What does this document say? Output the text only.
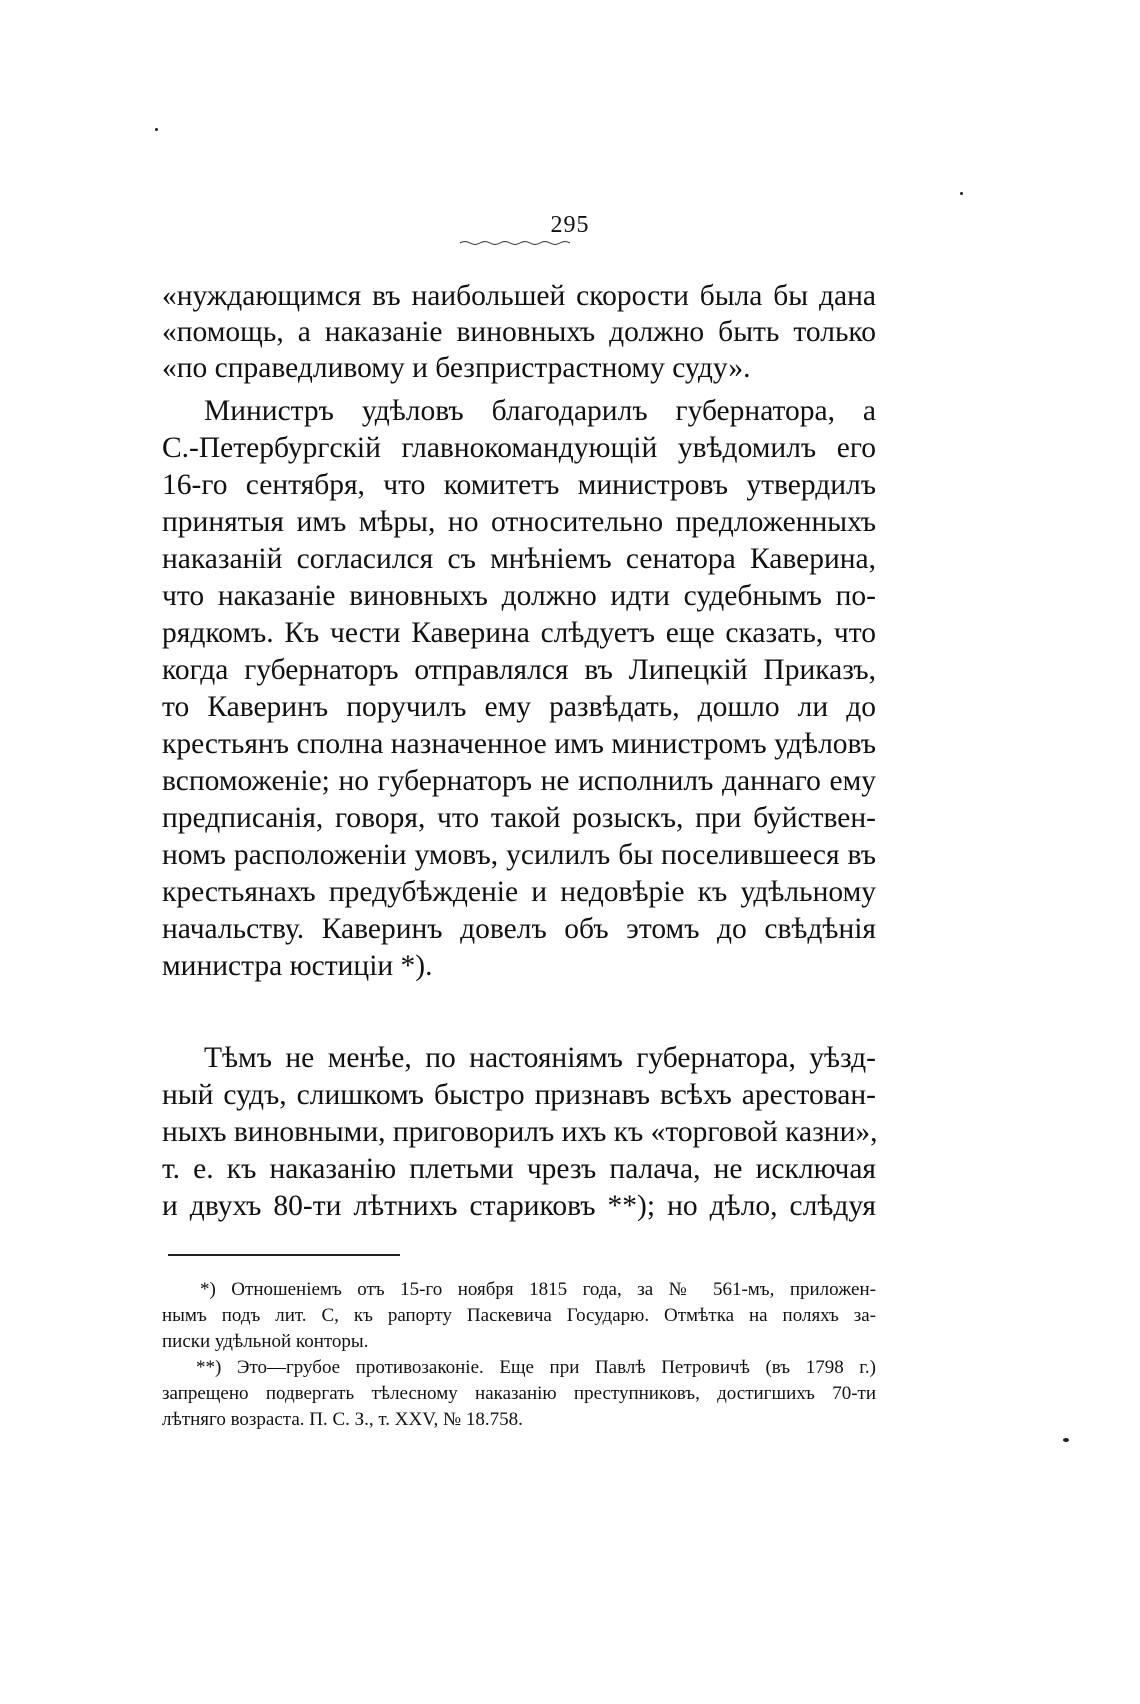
295
«нуждающимся въ наибольшей скорости была бы дана
«помощь, а наказаніе виновныхъ должно быть только
«по справедливому и безпристрастному суду».
Министръ удѣловъ благодарилъ губернатора, а
С.-Петербургскій главнокомандующій увѣдомилъ его
16-го сентября, что комитетъ министровъ утвердилъ
принятыя имъ мѣры, но относительно предложенныхъ
наказаній согласился съ мнѣніемъ сенатора Каверина,
что наказаніе виновныхъ должно идти судебнымъ по-
рядкомъ. Къ чести Каверина слѣдуетъ еще сказать, что
когда губернаторъ отправлялся въ Липецкій Приказъ,
то Каверинъ поручилъ ему развѣдать, дошло ли до
крестьянъ сполна назначенное имъ министромъ удѣловъ
вспоможеніе; но губернаторъ не исполнилъ даннаго ему
предписанія, говоря, что такой розыскъ, при буйствен-
номъ расположеніи умовъ, усилилъ бы поселившееся въ
крестьянахъ предубѣжденіе и недовѣріе къ удѣльному
начальству. Каверинъ довелъ объ этомъ до свѣдѣнія
министра юстиціи *).
Тѣмъ не менѣе, по настояніямъ губернатора, уѣзд-
ный судъ, слишкомъ быстро признавъ всѣхъ арестован-
ныхъ виновными, приговорилъ ихъ къ «торговой казни»,
т. е. къ наказанію плетьми чрезъ палача, не исключая
и двухъ 80-ти лѣтнихъ стариковъ **); но дѣло, слѣдуя
*) Отношеніемъ отъ 15-го ноября 1815 года, за № 561-мъ, приложен-
нымъ подъ лит. С, къ рапорту Паскевича Государю. Отмѣтка на поляхъ за-
писки удѣльной конторы.
**) Это—грубое противозаконіе. Еще при Павлѣ Петровичѣ (въ 1798 г.)
запрещено подвергать тѣлесному наказанію преступниковъ, достигшихъ 70-ти
лѣтняго возраста. П. С. З., т. XXV, № 18.758.
